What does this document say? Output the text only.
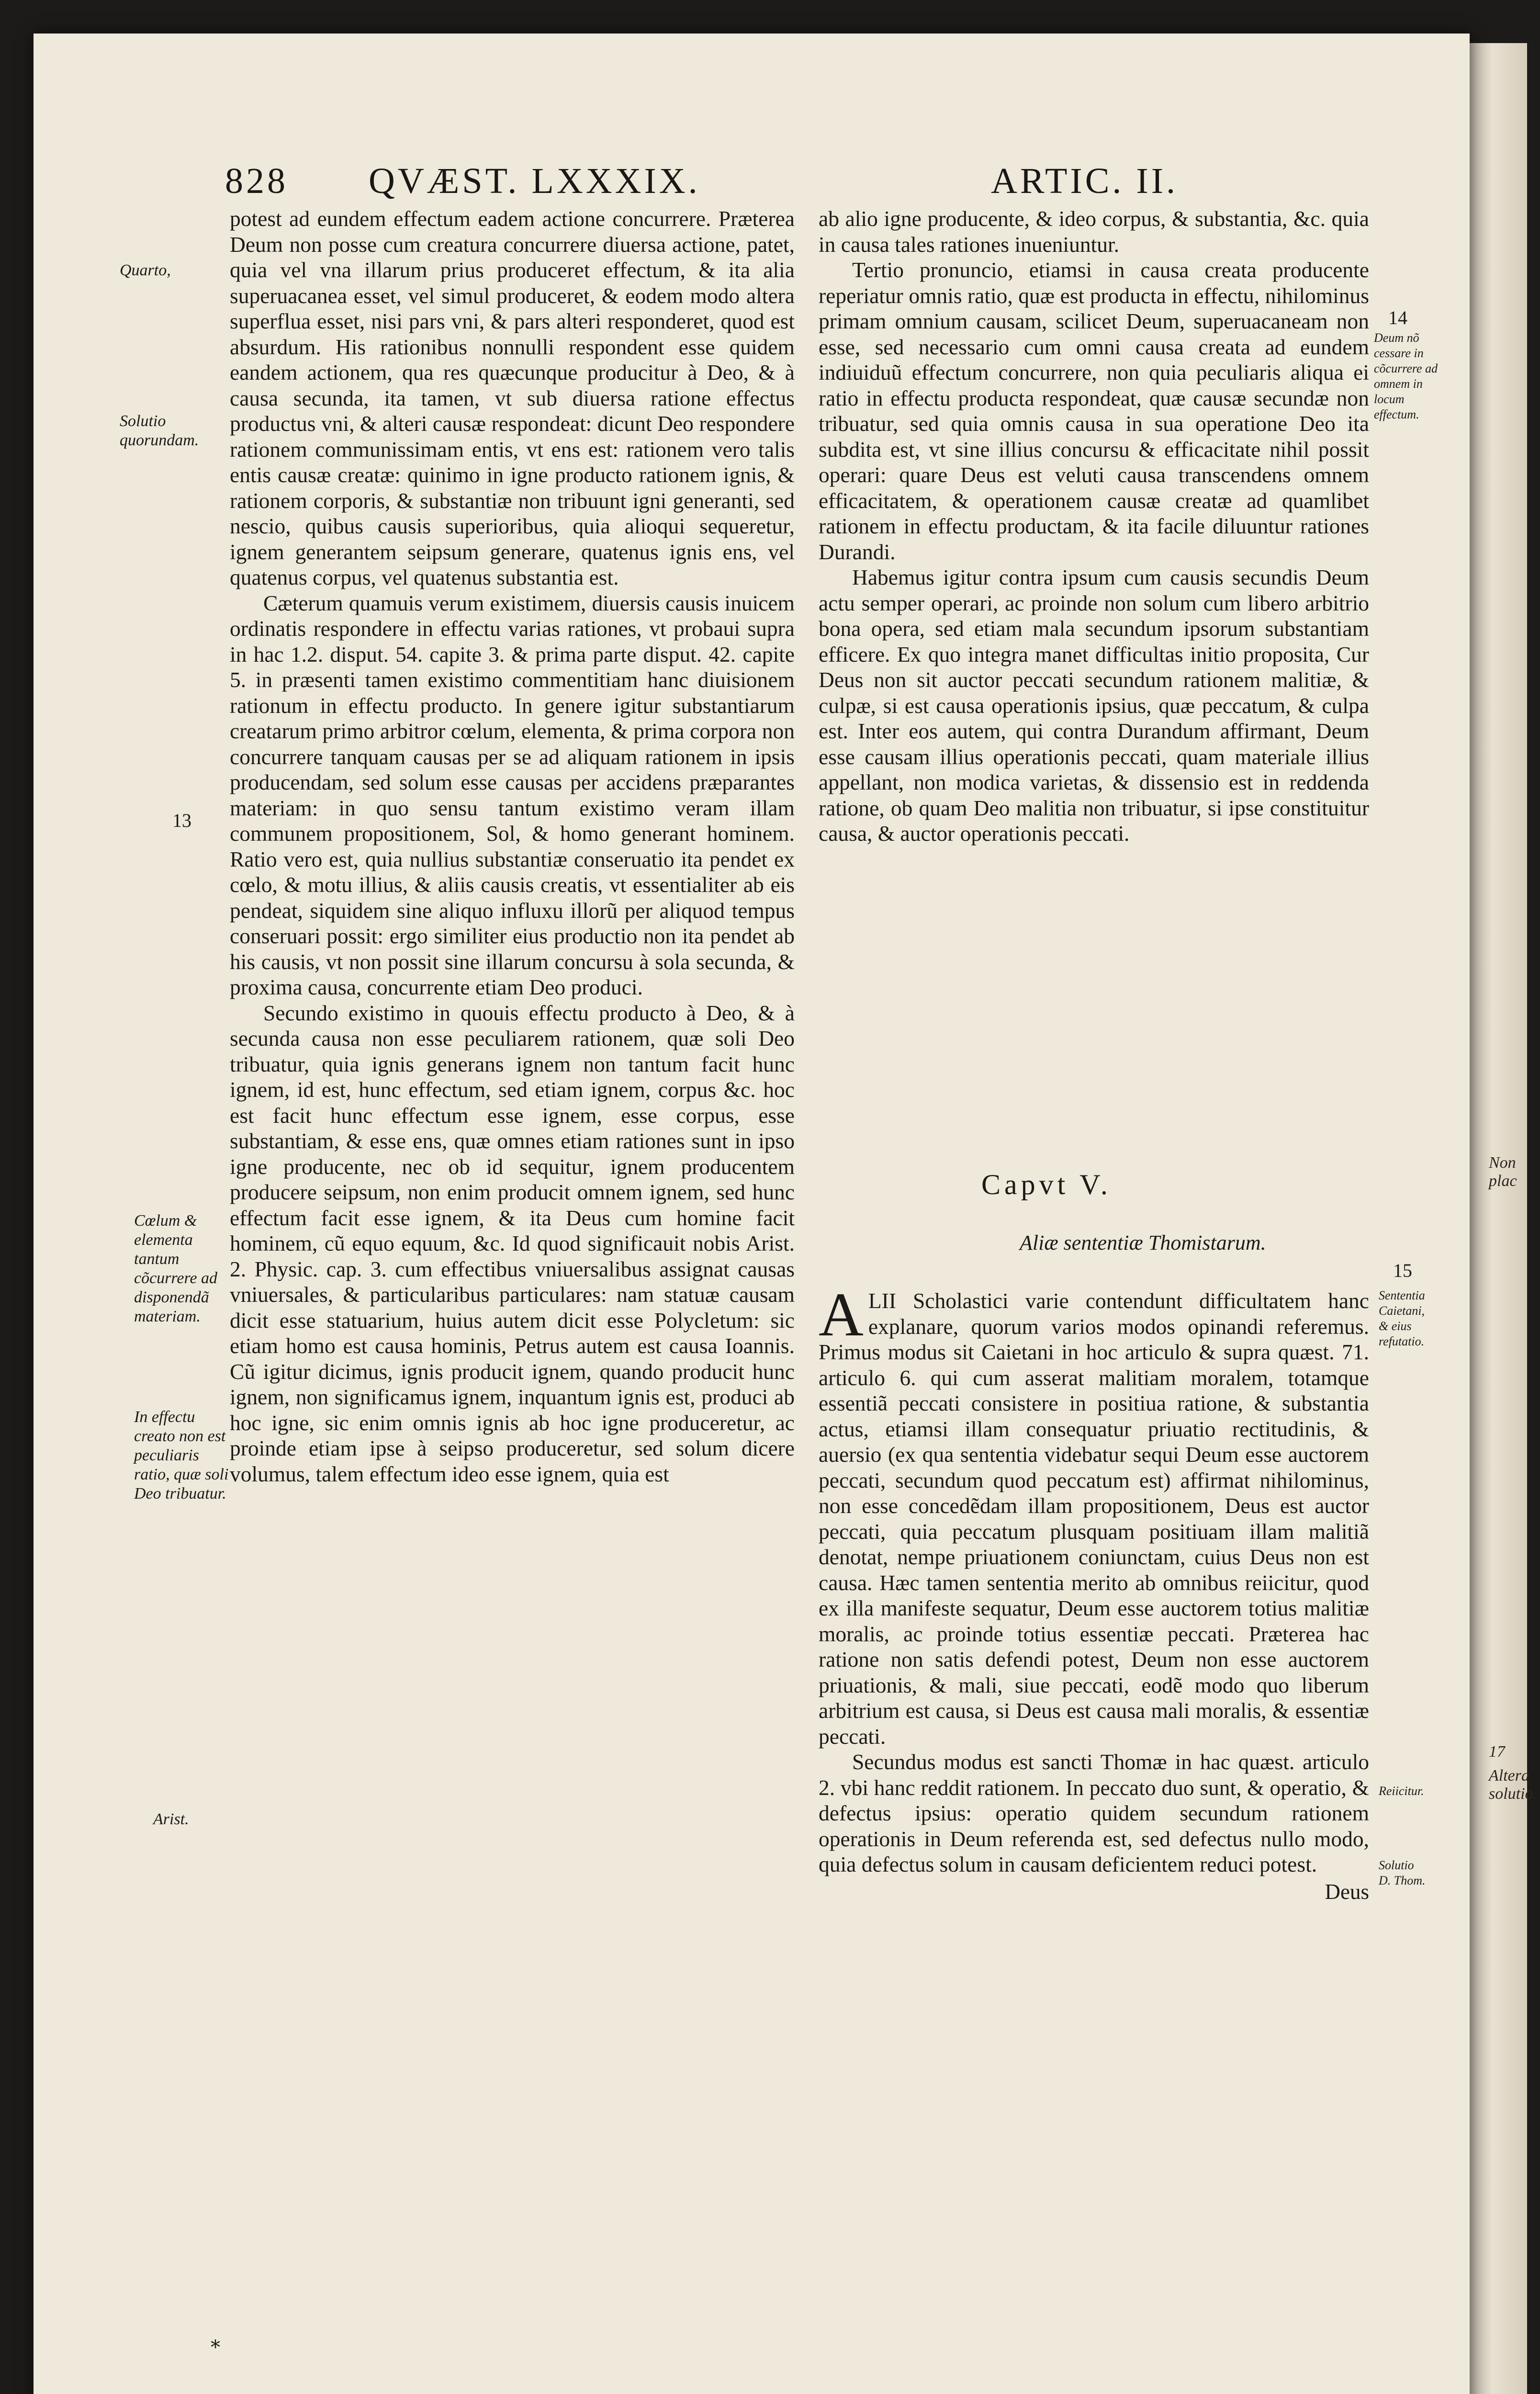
Non plac
17
Altera solutio.
828 QVÆST. LXXXIX.	ARTIC. II.

potest ad eundem effectum eadem actione concurrere. Præterea Deum non posse cum creatura concurrere diuersa actione, patet, quia vel vna illarum prius produceret effectum, & ita alia superuacanea esset, vel simul produceret, & eodem modo altera superflua esset, nisi pars vni, & pars alteri responderet, quod est absurdum. His rationibus nonnulli respondent esse quidem eandem actionem, qua res quæcunque producitur à Deo, & à causa secunda, ita tamen, vt sub diuersa ratione effectus productus vni, & alteri causæ respondeat: dicunt Deo respondere rationem communissimam entis, vt ens est: rationem vero talis entis causæ creatæ: quinimo in igne producto rationem ignis, & rationem corporis, & substantiæ non tribuunt igni generanti, sed nescio, quibus causis superioribus, quia alioqui sequeretur, ignem generantem seipsum generare, quatenus ignis ens, vel quatenus corpus, vel quatenus substantia est.

Cæterum quamuis verum existimem, diuersis causis inuicem ordinatis respondere in effectu varias rationes, vt probaui supra in hac 1.2. disput. 54. capite 3. & prima parte disput. 42. capite 5. in præsenti tamen existimo commentitiam hanc diuisionem rationum in effectu producto. In genere igitur substantiarum creatarum primo arbitror cœlum, elementa, & prima corpora non concurrere tanquam causas per se ad aliquam rationem in ipsis producendam, sed solum esse causas per accidens præparantes materiam: in quo sensu tantum existimo veram illam communem propositionem, Sol, & homo generant hominem. Ratio vero est, quia nullius substantiæ conseruatio ita pendet ex cœlo, & motu illius, & aliis causis creatis, vt essentialiter ab eis pendeat, siquidem sine aliquo influxu illorũ per aliquod tempus conseruari possit: ergo similiter eius productio non ita pendet ab his causis, vt non possit sine illarum concursu à sola secunda, & proxima causa, concurrente etiam Deo produci.

Secundo existimo in quouis effectu producto à Deo, & à secunda causa non esse peculiarem rationem, quæ soli Deo tribuatur, quia ignis generans ignem non tantum facit hunc ignem, id est, hunc effectum, sed etiam ignem, corpus &c. hoc est facit hunc effectum esse ignem, esse corpus, esse substantiam, & esse ens, quæ omnes etiam rationes sunt in ipso igne producente, nec ob id sequitur, ignem producentem producere seipsum, non enim producit omnem ignem, sed hunc effectum facit esse ignem, & ita Deus cum homine facit hominem, cũ equo equum, &c. Id quod significauit nobis Arist. 2. Physic. cap. 3. cum effectibus vniuersalibus assignat causas vniuersales, & particularibus particulares: nam statuæ causam dicit esse statuarium, huius autem dicit esse Polycletum: sic etiam homo est causa hominis, Petrus autem est causa Ioannis. Cũ igitur dicimus, ignis producit ignem, quando producit hunc ignem, non significamus ignem, inquantum ignis est, produci ab hoc igne, sic enim omnis ignis ab hoc igne produceretur, ac proinde etiam ipse à seipso produceretur, sed solum dicere volumus, talem effectum ideo esse ignem, quia est

Quarto,
Solutio quorundam.
13
Cœlum & elementa tantum cõcurrere ad disponendã materiam.
In effectu creato non est peculiaris ratio, quæ soli Deo tribuatur.
Arist.

ab alio igne producente, & ideo corpus, & substantia, &c. quia in causa tales rationes inueniuntur.

Tertio pronuncio, etiamsi in causa creata producente reperiatur omnis ratio, quæ est producta in effectu, nihilominus primam omnium causam, scilicet Deum, superuacaneam non esse, sed necessario cum omni causa creata ad eundem indiuiduũ effectum concurrere, non quia peculiaris aliqua ei ratio in effectu producta respondeat, quæ causæ secundæ non tribuatur, sed quia omnis causa in sua operatione Deo ita subdita est, vt sine illius concursu & efficacitate nihil possit operari: quare Deus est veluti causa transcendens omnem efficacitatem, & operationem causæ creatæ ad quamlibet rationem in effectu productam, & ita facile diluuntur rationes Durandi.

Habemus igitur contra ipsum cum causis secundis Deum actu semper operari, ac proinde non solum cum libero arbitrio bona opera, sed etiam mala secundum ipsorum substantiam efficere. Ex quo integra manet difficultas initio proposita, Cur Deus non sit auctor peccati secundum rationem malitiæ, & culpæ, si est causa operationis ipsius, quæ peccatum, & culpa est. Inter eos autem, qui contra Durandum affirmant, Deum esse causam illius operationis peccati, quam materiale illius appellant, non modica varietas, & dissensio est in reddenda ratione, ob quam Deo malitia non tribuatur, si ipse constituitur causa, & auctor operationis peccati.

Capvt V.
Aliæ sententiæ Thomistarum.

ALII Scholastici varie contendunt difficultatem hanc explanare, quorum varios modos opinandi referemus. Primus modus sit Caietani in hoc articulo & supra quæst. 71. articulo 6. qui cum asserat malitiam moralem, totamque essentiã peccati consistere in positiua ratione, & substantia actus, etiamsi illam consequatur priuatio rectitudinis, & auersio (ex qua sententia videbatur sequi Deum esse auctorem peccati, secundum quod peccatum est) affirmat nihilominus, non esse concedẽdam illam propositionem, Deus est auctor peccati, quia peccatum plusquam positiuam illam malitiã denotat, nempe priuationem coniunctam, cuius Deus non est causa. Hæc tamen sententia merito ab omnibus reiicitur, quod ex illa manifeste sequatur, Deum esse auctorem totius malitiæ moralis, ac proinde totius essentiæ peccati. Præterea hac ratione non satis defendi potest, Deum non esse auctorem priuationis, & mali, siue peccati, eodẽ modo quo liberum arbitrium est causa, si Deus est causa mali moralis, & essentiæ peccati.

Secundus modus est sancti Thomæ in hac quæst. articulo 2. vbi hanc reddit rationem. In peccato duo sunt, & operatio, & defectus ipsius: operatio quidem secundum rationem operationis in Deum referenda est, sed defectus nullo modo, quia defectus solum in causam deficientem reduci potest.

Deus
14
Deum nõ cessare in cõcurrere ad omnem in locum effectum.
15
Sententia Caietani, & eius refutatio.
Reiicitur.
Solutio D. Thom.
*
